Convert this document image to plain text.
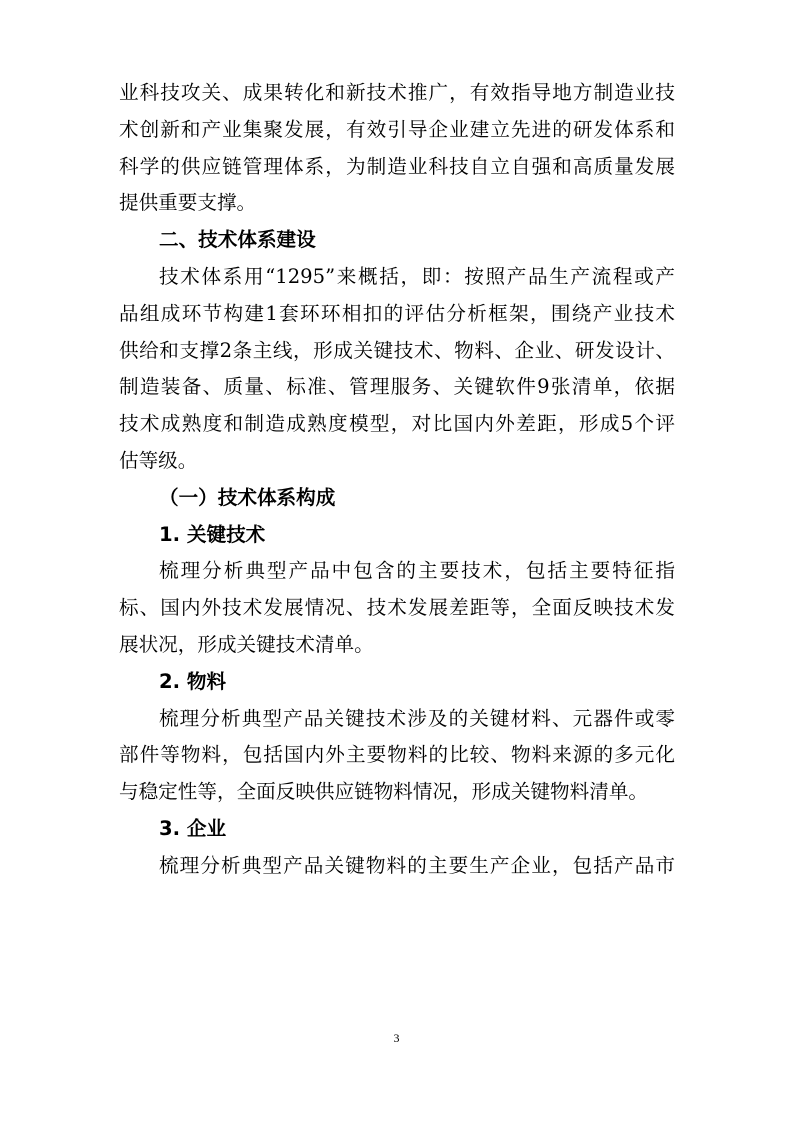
业科技攻关、成果转化和新技术推广，有效指导地方制造业技
术创新和产业集聚发展，有效引导企业建立先进的研发体系和
科学的供应链管理体系，为制造业科技自立自强和高质量发展
提供重要支撑。
二、技术体系建设
技术体系用“1295”来概括，即：按照产品生产流程或产
品组成环节构建1套环环相扣的评估分析框架，围绕产业技术
供给和支撑2条主线，形成关键技术、物料、企业、研发设计、
制造装备、质量、标准、管理服务、关键软件9张清单，依据
技术成熟度和制造成熟度模型，对比国内外差距，形成5个评
估等级。
（一）技术体系构成
1. 关键技术
梳理分析典型产品中包含的主要技术，包括主要特征指
标、国内外技术发展情况、技术发展差距等，全面反映技术发
展状况，形成关键技术清单。
2. 物料
梳理分析典型产品关键技术涉及的关键材料、元器件或零
部件等物料，包括国内外主要物料的比较、物料来源的多元化
与稳定性等，全面反映供应链物料情况，形成关键物料清单。
3. 企业
梳理分析典型产品关键物料的主要生产企业，包括产品市
3
